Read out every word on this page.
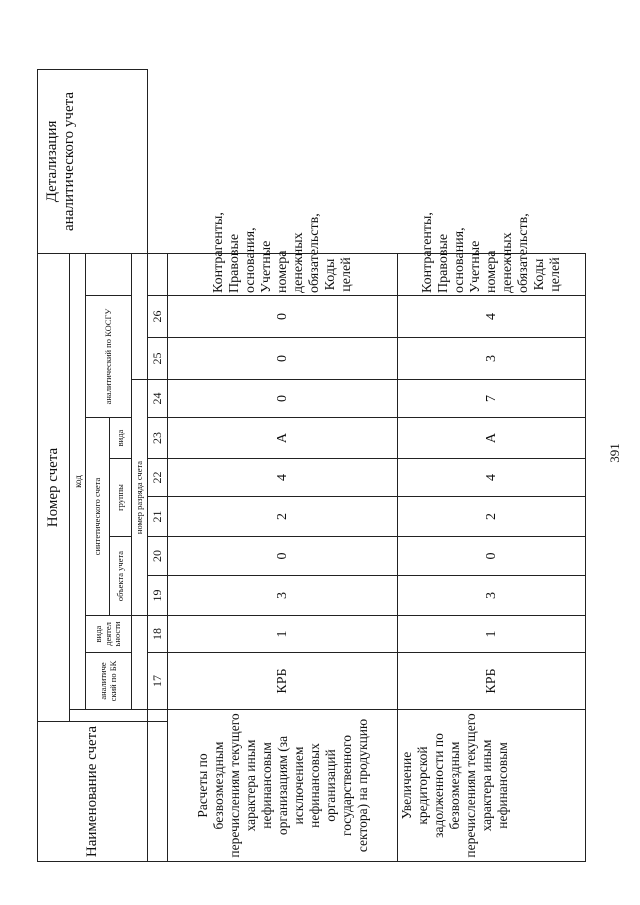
391
Наименование счета	Номер счета												Детализация аналитического учета
		код											
		аналитиче ский по БК	вида деятел ьности	синтетического счета					аналитический по КОСГУ				
				объекта учета		группы		вида					
				номер разряда счета									
		17	18	19	20	21	22	23	24	25	26		
Расчеты по безвозмездным перечислениям текущего характера иным нефинансовым организациям (за исключением нефинансовых организаций государственного сектора) на продукцию		КРБ	1	3	0	2	4	А	0	0	0	Контрагенты, Правовые основания, Учетные номера денежных обязательств, Коды целей	
Увеличение кредиторской задолженности по безвозмездным перечислениям текущего характера иным нефинансовым		КРБ	1	3	0	2	4	А	7	3	4	Контрагенты, Правовые основания, Учетные номера денежных обязательств, Коды целей	
